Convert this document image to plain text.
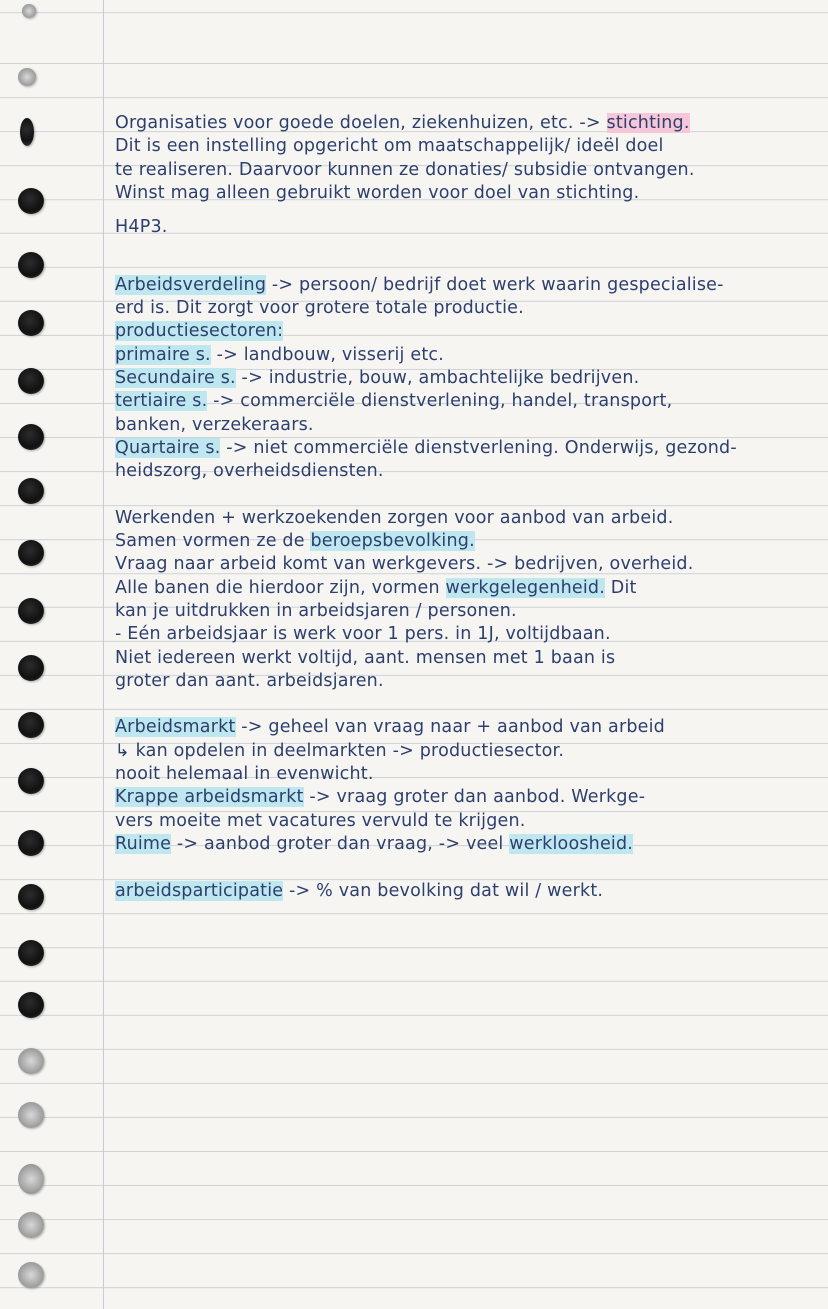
Organisaties voor goede doelen, ziekenhuizen, etc. -> stichting.
Dit is een instelling opgericht om maatschappelijk/ ideël doel
te realiseren. Daarvoor kunnen ze donaties/ subsidie ontvangen.
Winst mag alleen gebruikt worden voor doel van stichting.
H4P3.
Arbeidsverdeling -> persoon/ bedrijf doet werk waarin gespecialise-
erd is. Dit zorgt voor grotere totale productie.
productiesectoren:
primaire s. -> landbouw, visserij etc.
Secundaire s. -> industrie, bouw, ambachtelijke bedrijven.
tertiaire s. -> commerciële dienstverlening, handel, transport,
banken, verzekeraars.
Quartaire s. -> niet commerciële dienstverlening. Onderwijs, gezond-
heidszorg, overheidsdiensten.
Werkenden + werkzoekenden zorgen voor aanbod van arbeid.
Samen vormen ze de beroepsbevolking.
Vraag naar arbeid komt van werkgevers. -> bedrijven, overheid.
Alle banen die hierdoor zijn, vormen werkgelegenheid. Dit
kan je uitdrukken in arbeidsjaren / personen.
- Eén arbeidsjaar is werk voor 1 pers. in 1J, voltijdbaan.
Niet iedereen werkt voltijd, aant. mensen met 1 baan is
groter dan aant. arbeidsjaren.
Arbeidsmarkt -> geheel van vraag naar + aanbod van arbeid
↳ kan opdelen in deelmarkten -> productiesector.
nooit helemaal in evenwicht.
Krappe arbeidsmarkt -> vraag groter dan aanbod. Werkge-
vers moeite met vacatures vervuld te krijgen.
Ruime -> aanbod groter dan vraag, -> veel werkloosheid.
arbeidsparticipatie -> % van bevolking dat wil / werkt.
